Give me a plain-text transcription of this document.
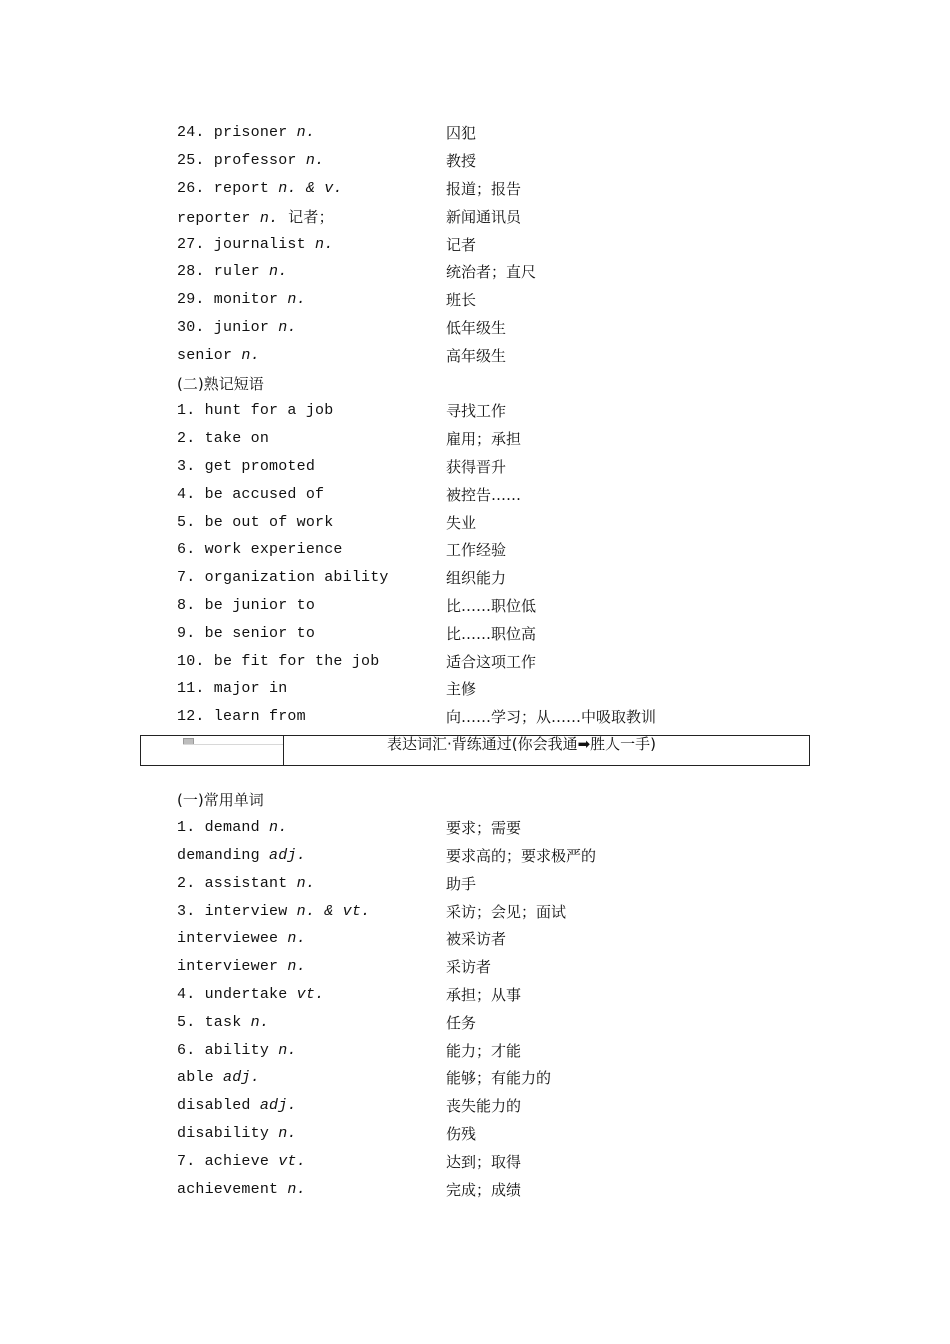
24. prisoner n.	囚犯
25. professor n.	教授
26. report n. & v.	报道；报告
reporter n.  记者；	新闻通讯员
27. journalist n.	记者
28. ruler n.	统治者；直尺
29. monitor n.	班长
30. junior n.	低年级生
senior n.	高年级生
(二)熟记短语
1. hunt for a job	寻找工作
2. take on	雇用；承担
3. get promoted	获得晋升
4. be accused of	被控告……
5. be out of work	失业
6. work experience	工作经验
7. organization ability	组织能力
8. be junior to	比……职位低
9. be senior to	比……职位高
10. be fit for the job	适合这项工作
11. major in	主修
12. learn from	向……学习；从……中吸取教训
表达词汇·背练通过(你会我通➡胜人一手)
(一)常用单词
1. demand n.	要求；需要
demanding adj.	要求高的；要求极严的
2. assistant n.	助手
3. interview n. & vt.	采访；会见；面试
interviewee n.	被采访者
interviewer n.	采访者
4. undertake vt.	承担；从事
5. task n.	任务
6. ability n.	能力；才能
able adj.	能够；有能力的
disabled adj.	丧失能力的
disability n.	伤残
7. achieve vt.	达到；取得
achievement n.	完成；成绩
